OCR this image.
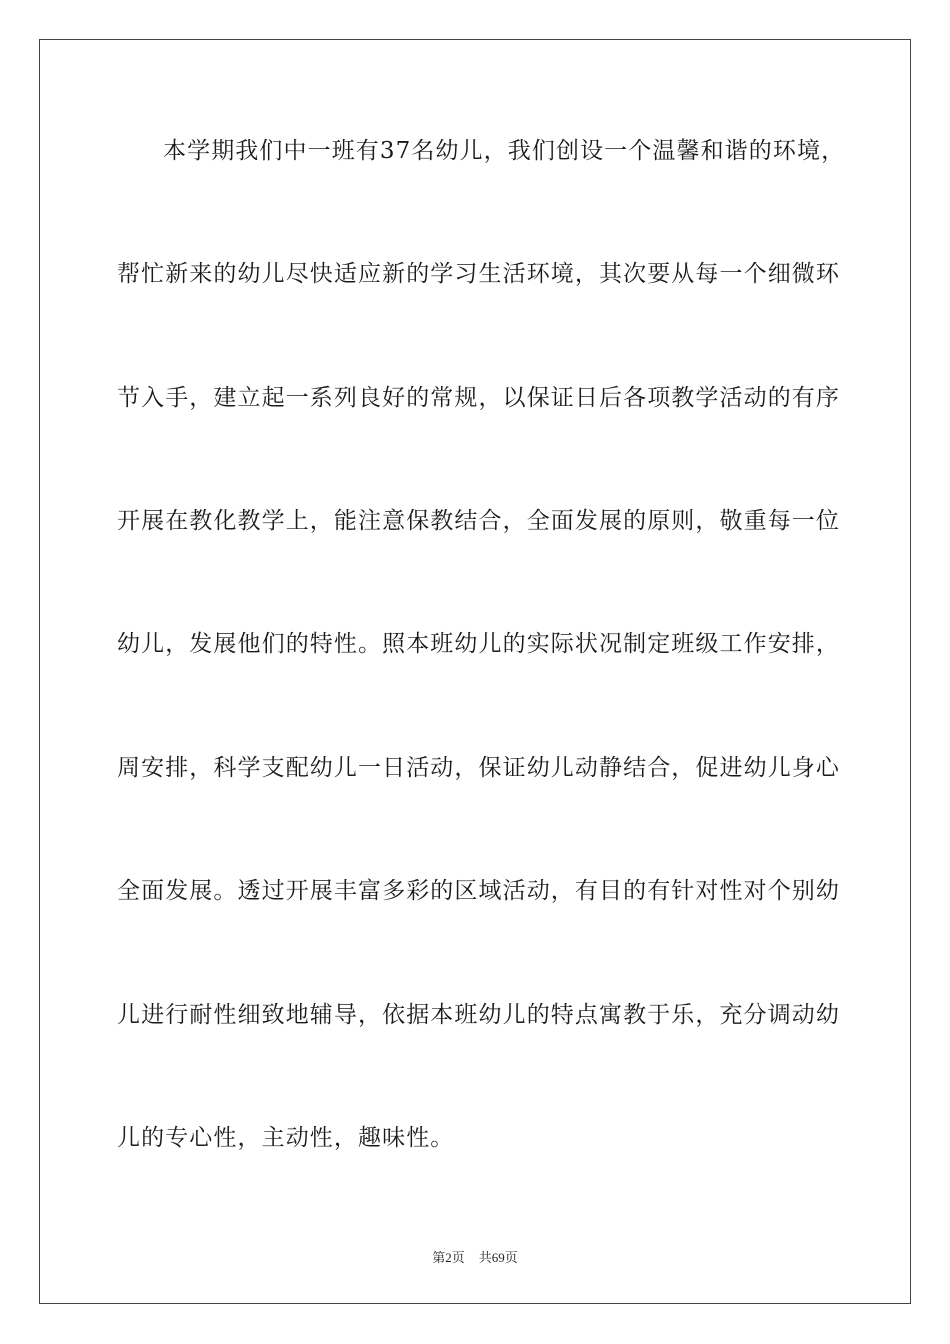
本学期我们中一班有37名幼儿，我们创设一个温馨和谐的环境，
帮忙新来的幼儿尽快适应新的学习生活环境，其次要从每一个细微环
节入手，建立起一系列良好的常规，以保证日后各项教学活动的有序
开展在教化教学上，能注意保教结合，全面发展的原则，敬重每一位
幼儿，发展他们的特性。照本班幼儿的实际状况制定班级工作安排，
周安排，科学支配幼儿一日活动，保证幼儿动静结合，促进幼儿身心
全面发展。透过开展丰富多彩的区域活动，有目的有针对性对个别幼
儿进行耐性细致地辅导，依据本班幼儿的特点寓教于乐，充分调动幼
儿的专心性，主动性，趣味性。
第2页 共69页
